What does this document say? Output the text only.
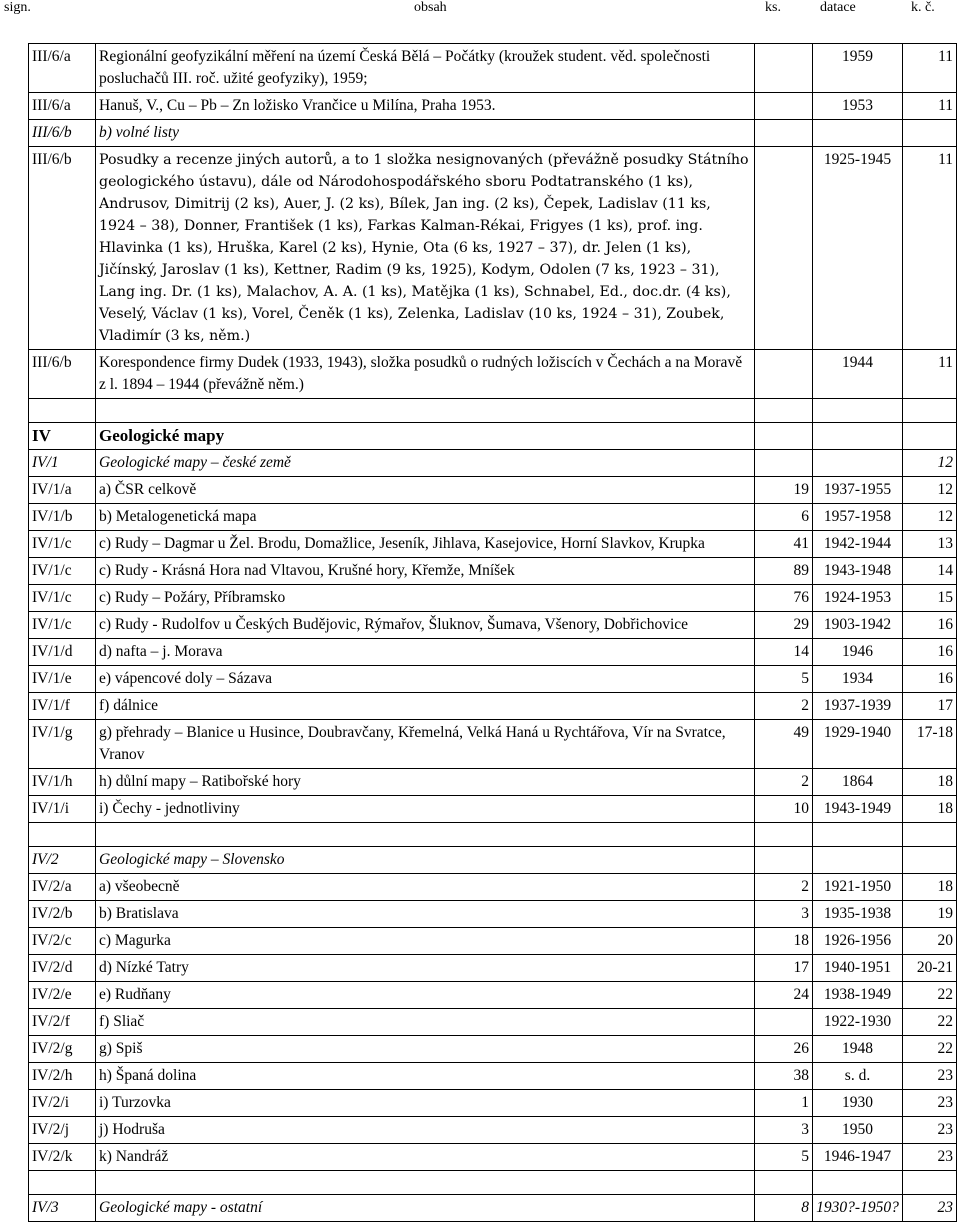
sign.	obsah	ks.	datace	k. č.
III/6/a	Regionální geofyzikální měření na území Česká Bělá – Počátky (kroužek student. věd. společnosti posluchačů III. roč. užité geofyziky), 1959;		1959	11
III/6/a	Hanuš, V., Cu – Pb – Zn ložisko Vrančice u Milína, Praha 1953.		1953	11
III/6/b	b) volné listy			
III/6/b	Posudky a recenze jiných autorů, a to 1 složka nesignovaných (převážně posudky Státního geologického ústavu), dále od Národohospodářského sboru Podtatranského (1 ks), Andrusov, Dimitrij (2 ks), Auer, J. (2 ks), Bílek, Jan ing. (2 ks), Čepek, Ladislav (11 ks, 1924 – 38), Donner, František (1 ks), Farkas Kalman-Rékai, Frigyes (1 ks), prof. ing. Hlavinka (1 ks), Hruška, Karel (2 ks), Hynie, Ota (6 ks, 1927 – 37), dr. Jelen (1 ks), Jičínský, Jaroslav (1 ks), Kettner, Radim (9 ks, 1925), Kodym, Odolen (7 ks, 1923 – 31), Lang ing. Dr. (1 ks), Malachov, A. A. (1 ks), Matějka (1 ks), Schnabel, Ed., doc.dr. (4 ks), Veselý, Václav (1 ks), Vorel, Čeněk (1 ks), Zelenka, Ladislav (10 ks, 1924 – 31), Zoubek, Vladimír (3 ks, něm.)		1925-1945	11
III/6/b	Korespondence firmy Dudek (1933, 1943), složka posudků o rudných ložiscích v Čechách a na Moravě z l. 1894 – 1944 (převážně něm.)		1944	11

IV	Geologické mapy			
IV/1	Geologické mapy – české země			12
IV/1/a	a) ČSR celkově	19	1937-1955	12
IV/1/b	b) Metalogenetická mapa	6	1957-1958	12
IV/1/c	c) Rudy – Dagmar u Žel. Brodu, Domažlice, Jeseník, Jihlava, Kasejovice, Horní Slavkov, Krupka	41	1942-1944	13
IV/1/c	c) Rudy - Krásná Hora nad Vltavou, Krušné hory, Křemže, Mníšek	89	1943-1948	14
IV/1/c	c) Rudy – Požáry, Příbramsko	76	1924-1953	15
IV/1/c	c) Rudy - Rudolfov u Českých Budějovic, Rýmařov, Šluknov, Šumava, Všenory, Dobřichovice	29	1903-1942	16
IV/1/d	d) nafta – j. Morava	14	1946	16
IV/1/e	e) vápencové doly – Sázava	5	1934	16
IV/1/f	f) dálnice	2	1937-1939	17
IV/1/g	g) přehrady – Blanice u Husince, Doubravčany, Křemelná, Velká Haná u Rychtářova, Vír na Svratce, Vranov	49	1929-1940	17-18
IV/1/h	h) důlní mapy – Ratibořské hory	2	1864	18
IV/1/i	i) Čechy - jednotliviny	10	1943-1949	18

IV/2	Geologické mapy – Slovensko			
IV/2/a	a) všeobecně	2	1921-1950	18
IV/2/b	b) Bratislava	3	1935-1938	19
IV/2/c	c) Magurka	18	1926-1956	20
IV/2/d	d) Nízké Tatry	17	1940-1951	20-21
IV/2/e	e) Rudňany	24	1938-1949	22
IV/2/f	f) Sliač		1922-1930	22
IV/2/g	g) Spiš	26	1948	22
IV/2/h	h) Španá dolina	38	s. d.	23
IV/2/i	i) Turzovka	1	1930	23
IV/2/j	j) Hodruša	3	1950	23
IV/2/k	k) Nandráž	5	1946-1947	23

IV/3	Geologické mapy - ostatní	8	1930?-1950?	23
